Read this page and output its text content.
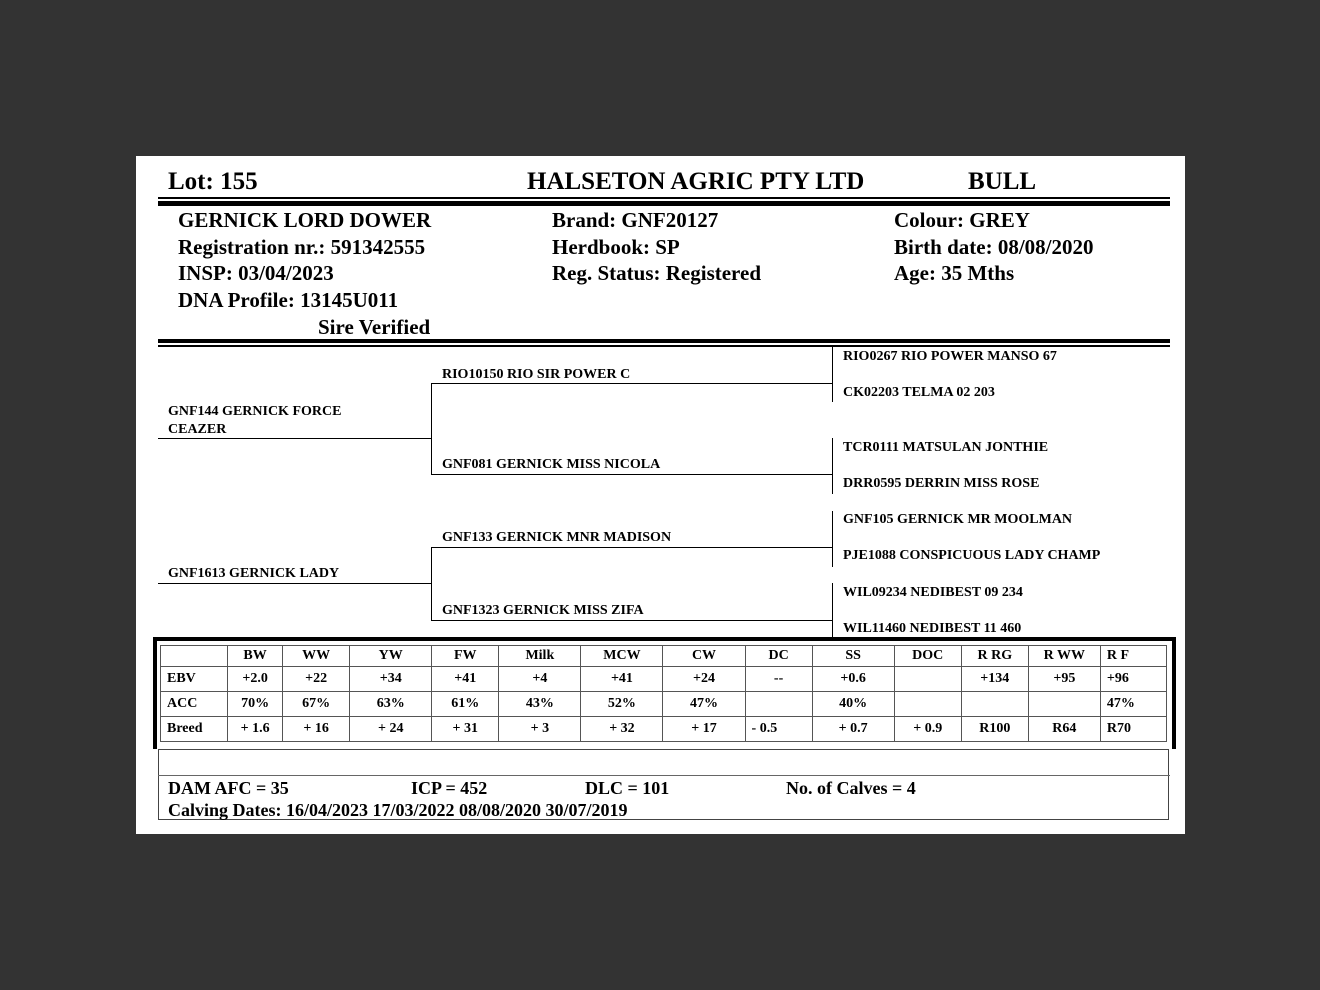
Lot: 155	HALSETON AGRIC PTY LTD	BULL
GERNICK LORD DOWER
Registration nr.: 591342555
INSP: 03/04/2023
DNA Profile: 13145U011
Sire Verified
Brand: GNF20127
Herdbook: SP
Reg. Status: Registered
Colour: GREY
Birth date: 08/08/2020
Age: 35 Mths
GNF144 GERNICK FORCE
CEAZER
GNF1613 GERNICK LADY
RIO10150 RIO SIR POWER C
GNF081 GERNICK MISS NICOLA
GNF133 GERNICK MNR MADISON
GNF1323 GERNICK MISS ZIFA
RIO0267 RIO POWER MANSO 67
CK02203 TELMA 02 203
TCR0111 MATSULAN JONTHIE
DRR0595 DERRIN MISS ROSE
GNF105 GERNICK MR MOOLMAN
PJE1088 CONSPICUOUS LADY CHAMP
WIL09234 NEDIBEST 09 234
WIL11460 NEDIBEST 11 460
	BW	WW	YW	FW	Milk	MCW	CW	DC	SS	DOC	R RG	R WW	R F
EBV	+2.0	+22	+34	+41	+4	+41	+24	--	+0.6		+134	+95	+96
ACC	70%	67%	63%	61%	43%	52%	47%		40%				47%
Breed	+ 1.6	+ 16	+ 24	+ 31	+ 3	+ 32	+ 17	- 0.5	+ 0.7	+ 0.9	R100	R64	R70
DAM AFC = 35	ICP = 452	DLC = 101	No. of Calves = 4
Calving Dates: 16/04/2023 17/03/2022 08/08/2020 30/07/2019
